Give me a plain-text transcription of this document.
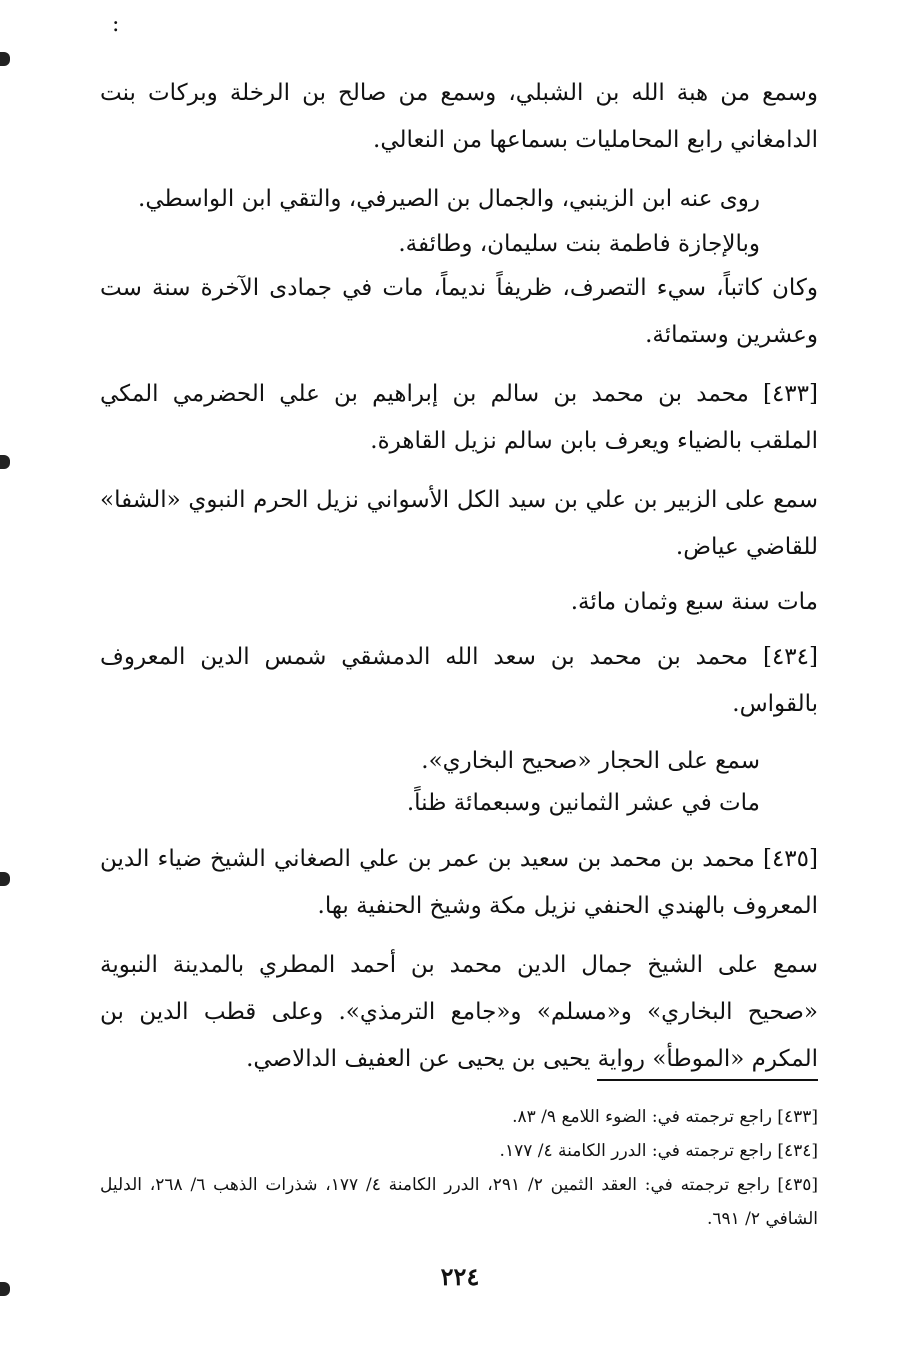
:

وسمع من هبة الله بن الشبلي، وسمع من صالح بن الرخلة وبركات بنت الدامغاني رابع المحامليات بسماعها من النعالي.

روى عنه ابن الزينبي، والجمال بن الصيرفي، والتقي ابن الواسطي.

وبالإجازة فاطمة بنت سليمان، وطائفة.

وكان كاتباً، سيء التصرف، ظريفاً نديماً، مات في جمادى الآخرة سنة ست وعشرين وستمائة.

[٤٣٣] محمد بن محمد بن سالم بن إبراهيم بن علي الحضرمي المكي الملقب بالضياء ويعرف بابن سالم نزيل القاهرة.

سمع على الزبير بن علي بن سيد الكل الأسواني نزيل الحرم النبوي «الشفا» للقاضي عياض.

مات سنة سبع وثمان مائة.

[٤٣٤] محمد بن محمد بن سعد الله الدمشقي شمس الدين المعروف بالقواس.

سمع على الحجار «صحيح البخاري».

مات في عشر الثمانين وسبعمائة ظناً.

[٤٣٥] محمد بن محمد بن سعيد بن عمر بن علي الصغاني الشيخ ضياء الدين المعروف بالهندي الحنفي نزيل مكة وشيخ الحنفية بها.

سمع على الشيخ جمال الدين محمد بن أحمد المطري بالمدينة النبوية «صحيح البخاري» و«مسلم» و«جامع الترمذي». وعلى قطب الدين بن المكرم «الموطأ» رواية يحيى بن يحيى عن العفيف الدالاصي.

[٤٣٣] راجع ترجمته في: الضوء اللامع ٩/ ٨٣.

[٤٣٤] راجع ترجمته في: الدرر الكامنة ٤/ ١٧٧.

[٤٣٥] راجع ترجمته في: العقد الثمين ٢/ ٢٩١، الدرر الكامنة ٤/ ١٧٧، شذرات الذهب ٦/ ٢٦٨، الدليل الشافي ٢/ ٦٩١.

٢٢٤
